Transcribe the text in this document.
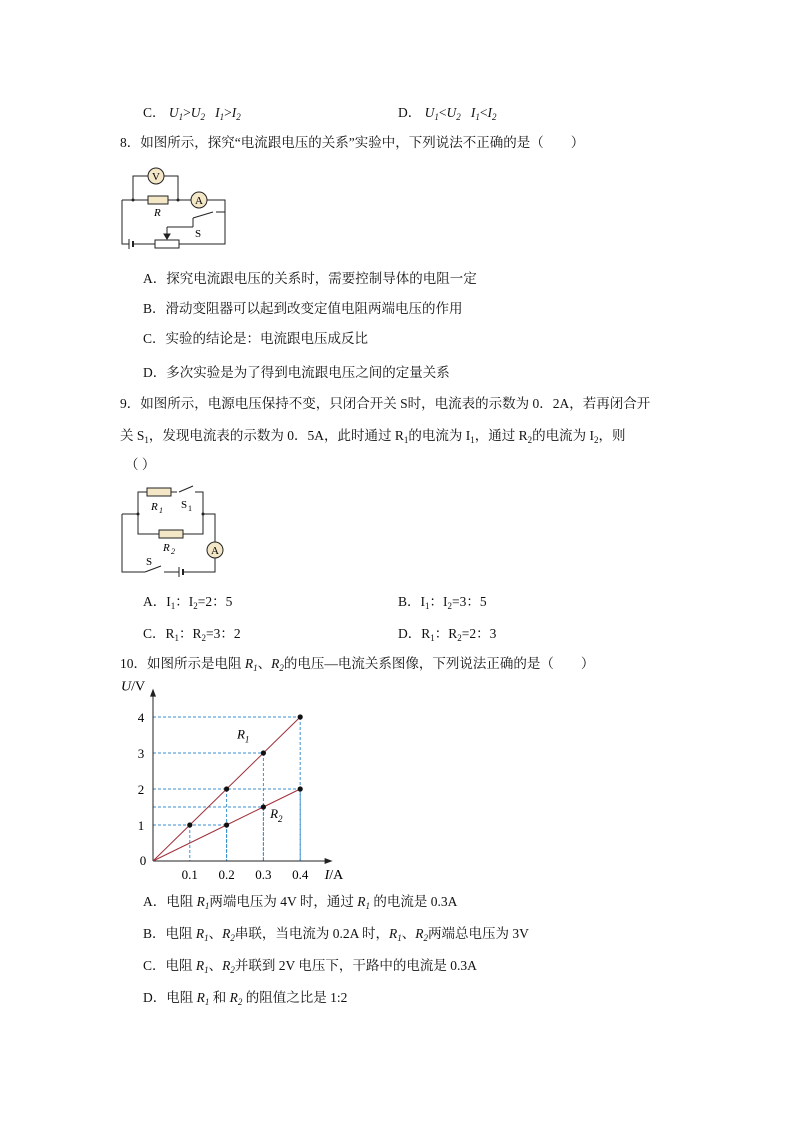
C． $U_1>U_2$ $I_1>I_2$	D． $U_1<U_2$ $I_1<I_2$
8．如图所示，探究“电流跟电压的关系”实验中，下列说法不正确的是（　　）
V
A
R
S
A．探究电流跟电压的关系时，需要控制导体的电阻一定
B．滑动变阻器可以起到改变定值电阻两端电压的作用
C．实验的结论是：电流跟电压成反比
D．多次实验是为了得到电流跟电压之间的定量关系
9．如图所示，电源电压保持不变，只闭合开关 S时，电流表的示数为 0．2A，若再闭合开
关 $S_1$，发现电流表的示数为 0．5A，此时通过 $R_1$的电流为 $I_1$，通过 $R_2$的电流为 $I_2$，则
（ ）
A
R 1
R 2
S 1
S
A．$I_1$：$I_2=2$：5	B．$I_1$：$I_2=3$：5
C．$R_1$：$R_2=3$：2	D．$R_1$：$R_2=2$：3
10．如图所示是电阻 $R_1$、$R_2$的电压—电流关系图像，下列说法正确的是（　　）
0.1 0.2 0.3 0.4
1
2
3
4
0
U/V
I/A
$R_1$
$R_2$
A．电阻 $R_1$两端电压为 4V 时，通过 $R_1$ 的电流是 0.3A
B．电阻 $R_1$、$R_2$串联，当电流为 0.2A 时，$R_1$、$R_2$两端总电压为 3V
C．电阻 $R_1$、$R_2$并联到 2V 电压下，干路中的电流是 0.3A
D．电阻 $R_1$ 和 $R_2$ 的阻值之比是 1:2
